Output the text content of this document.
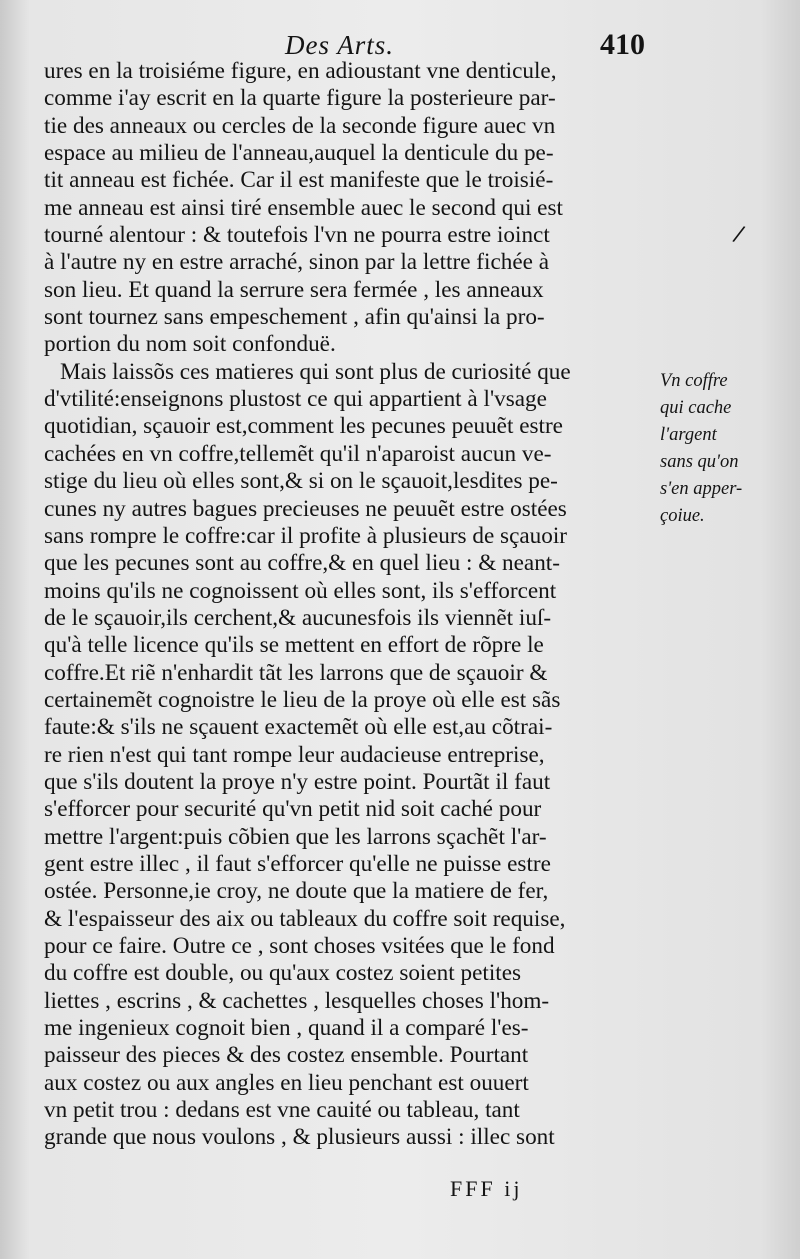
Des Arts.	410
ures en la troisiéme figure, en adioustant vne denticule,
comme i'ay escrit en la quarte figure la posterieure par-
tie des anneaux ou cercles de la seconde figure auec vn
espace au milieu de l'anneau,auquel la denticule du pe-
tit anneau est fichée. Car il est manifeste que le troisié-
me anneau est ainsi tiré ensemble auec le second qui est
tourné alentour : & toutefois l'vn ne pourra estre ioinct
à l'autre ny en estre arraché, sinon par la lettre fichée à
son lieu. Et quand la serrure sera fermée , les anneaux
sont tournez sans empeschement , afin qu'ainsi la pro-
portion du nom soit confonduë.
Mais laissõs ces matieres qui sont plus de curiosité que
d'vtilité:enseignons plustost ce qui appartient à l'vsage
quotidian, sçauoir est,comment les pecunes peuuẽt estre
cachées en vn coffre,tellemẽt qu'il n'aparoist aucun ve-
stige du lieu où elles sont,& si on le sçauoit,lesdites pe-
cunes ny autres bagues precieuses ne peuuẽt estre ostées
sans rompre le coffre:car il profite à plusieurs de sçauoir
que les pecunes sont au coffre,& en quel lieu : & neant-
moins qu'ils ne cognoissent où elles sont, ils s'efforcent
de le sçauoir,ils cerchent,& aucunesfois ils viennẽt iuſ-
qu'à telle licence qu'ils se mettent en effort de rõpre le
coffre.Et riẽ n'enhardit tãt les larrons que de sçauoir &
certainemẽt cognoistre le lieu de la proye où elle est sãs
faute:& s'ils ne sçauent exactemẽt où elle est,au cõtrai-
re rien n'est qui tant rompe leur audacieuse entreprise,
que s'ils doutent la proye n'y estre point. Pourtãt il faut
s'efforcer pour securité qu'vn petit nid soit caché pour
mettre l'argent:puis cõbien que les larrons sçachẽt l'ar-
gent estre illec , il faut s'efforcer qu'elle ne puisse estre
ostée. Personne,ie croy, ne doute que la matiere de fer,
& l'espaisseur des aix ou tableaux du coffre soit requise,
pour ce faire. Outre ce , sont choses vsitées que le fond
du coffre est double, ou qu'aux costez soient petites
liettes , escrins , & cachettes , lesquelles choses l'hom-
me ingenieux cognoit bien , quand il a comparé l'es-
paisseur des pieces & des costez ensemble. Pourtant
aux costez ou aux angles en lieu penchant est ouuert
vn petit trou : dedans est vne cauité ou tableau, tant
grande que nous voulons , & plusieurs aussi : illec sont
/
Vn coffre
qui cache
l'argent
sans qu'on
s'en apper-
çoiue.
FFF ij
